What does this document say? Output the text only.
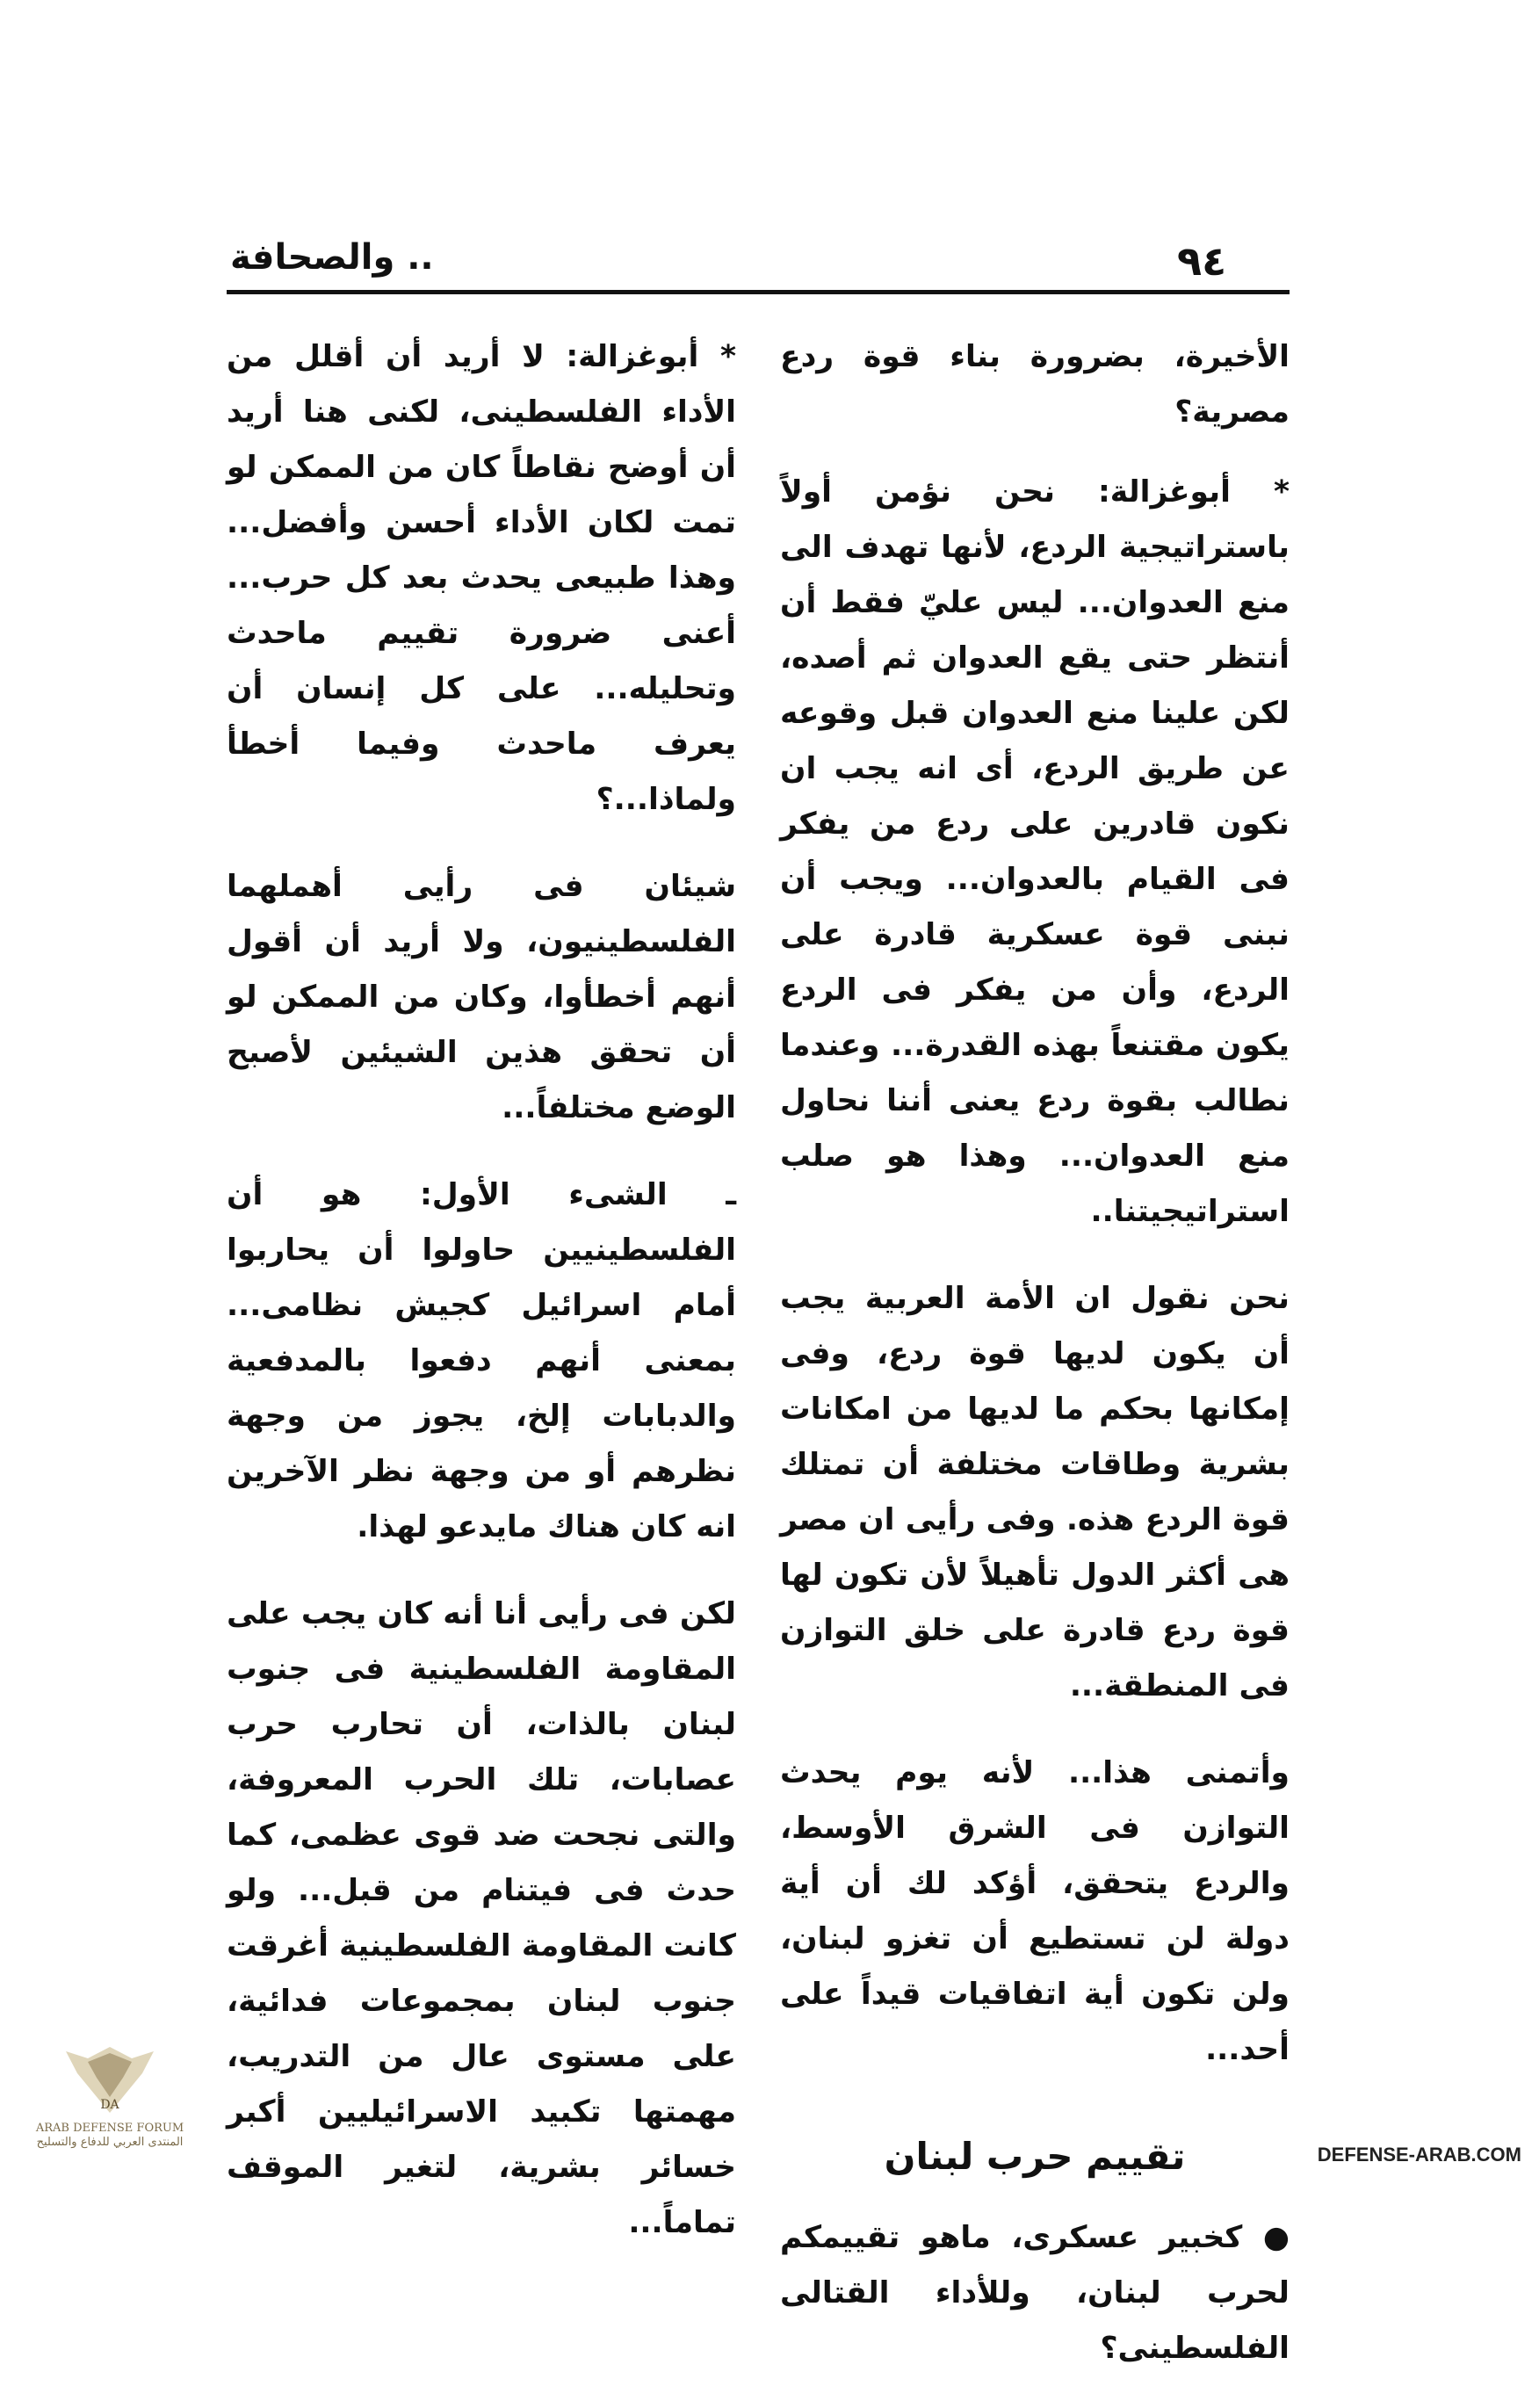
٩٤
.. والصحافة

الأخيرة، بضرورة بناء قوة ردع مصرية؟

* أبوغزالة: نحن نؤمن أولاً باستراتيجية الردع، لأنها تهدف الى منع العدوان... ليس عليّ فقط أن أنتظر حتى يقع العدوان ثم أصده، لكن علينا منع العدوان قبل وقوعه عن طريق الردع، أى انه يجب ان نكون قادرين على ردع من يفكر فى القيام بالعدوان... ويجب أن نبنى قوة عسكرية قادرة على الردع، وأن من يفكر فى الردع يكون مقتنعاً بهذه القدرة... وعندما نطالب بقوة ردع يعنى أننا نحاول منع العدوان... وهذا هو صلب استراتيجيتنا..

نحن نقول ان الأمة العربية يجب أن يكون لديها قوة ردع، وفى إمكانها بحكم ما لديها من امكانات بشرية وطاقات مختلفة أن تمتلك قوة الردع هذه. وفى رأيى ان مصر هى أكثر الدول تأهيلاً لأن تكون لها قوة ردع قادرة على خلق التوازن فى المنطقة...

وأتمنى هذا... لأنه يوم يحدث التوازن فى الشرق الأوسط، والردع يتحقق، أؤكد لك أن أية دولة لن تستطيع أن تغزو لبنان، ولن تكون أية اتفاقيات قيداً على أحد...

تقييم حرب لبنان

● كخبير عسكرى، ماهو تقييمكم لحرب لبنان، وللأداء القتالى الفلسطينى؟

* أبوغزالة: لا أريد أن أقلل من الأداء الفلسطينى، لكنى هنا أريد أن أوضح نقاطاً كان من الممكن لو تمت لكان الأداء أحسن وأفضل... وهذا طبيعى يحدث بعد كل حرب... أعنى ضرورة تقييم ماحدث وتحليله... على كل إنسان أن يعرف ماحدث وفيما أخطأ ولماذا...؟

شيئان فى رأيى أهملهما الفلسطينيون، ولا أريد أن أقول أنهم أخطأوا، وكان من الممكن لو أن تحقق هذين الشيئين لأصبح الوضع مختلفاً...

ـ الشىء الأول: هو أن الفلسطينيين حاولوا أن يحاربوا أمام اسرائيل كجيش نظامى... بمعنى أنهم دفعوا بالمدفعية والدبابات إلخ، يجوز من وجهة نظرهم أو من وجهة نظر الآخرين انه كان هناك مايدعو لهذا.

لكن فى رأيى أنا أنه كان يجب على المقاومة الفلسطينية فى جنوب لبنان بالذات، أن تحارب حرب عصابات، تلك الحرب المعروفة، والتى نجحت ضد قوى عظمى، كما حدث فى فيتنام من قبل... ولو كانت المقاومة الفلسطينية أغرقت جنوب لبنان بمجموعات فدائية، على مستوى عال من التدريب، مهمتها تكبيد الاسرائيليين أكبر خسائر بشرية، لتغير الموقف تماماً...

DA
ARAB DEFENSE FORUM
المنتدى العربي للدفاع والتسليح
DEFENSE-ARAB.COM
